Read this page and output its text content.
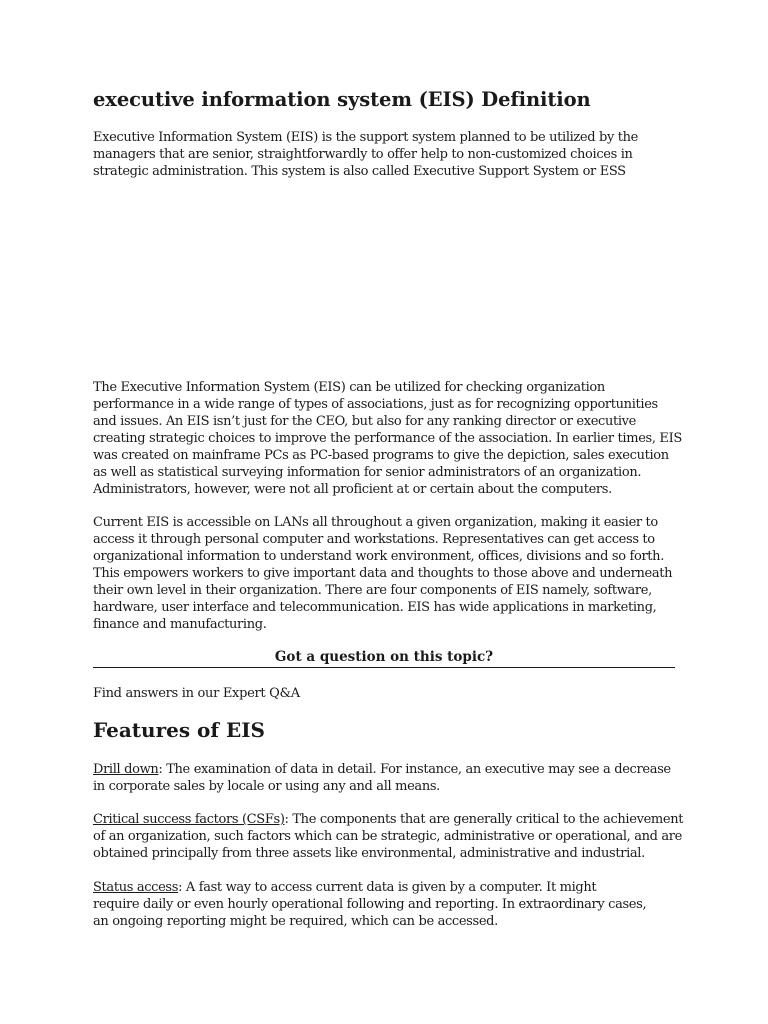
executive information system (EIS) Definition

Executive Information System (EIS) is the support system planned to be utilized by the
managers that are senior, straightforwardly to offer help to non-customized choices in
strategic administration. This system is also called Executive Support System or ESS

The Executive Information System (EIS) can be utilized for checking organization
performance in a wide range of types of associations, just as for recognizing opportunities
and issues. An EIS isn’t just for the CEO, but also for any ranking director or executive
creating strategic choices to improve the performance of the association. In earlier times, EIS
was created on mainframe PCs as PC-based programs to give the depiction, sales execution
as well as statistical surveying information for senior administrators of an organization.
Administrators, however, were not all proficient at or certain about the computers.

Current EIS is accessible on LANs all throughout a given organization, making it easier to
access it through personal computer and workstations. Representatives can get access to
organizational information to understand work environment, offices, divisions and so forth.
This empowers workers to give important data and thoughts to those above and underneath
their own level in their organization. There are four components of EIS namely, software,
hardware, user interface and telecommunication. EIS has wide applications in marketing,
finance and manufacturing.

Got a question on this topic?

Find answers in our Expert Q&A

Features of EIS

Drill down: The examination of data in detail. For instance, an executive may see a decrease
in corporate sales by locale or using any and all means.

Critical success factors (CSFs): The components that are generally critical to the achievement
of an organization, such factors which can be strategic, administrative or operational, and are
obtained principally from three assets like environmental, administrative and industrial.

Status access: A fast way to access current data is given by a computer. It might
require daily or even hourly operational following and reporting. In extraordinary cases,
an ongoing reporting might be required, which can be accessed.
